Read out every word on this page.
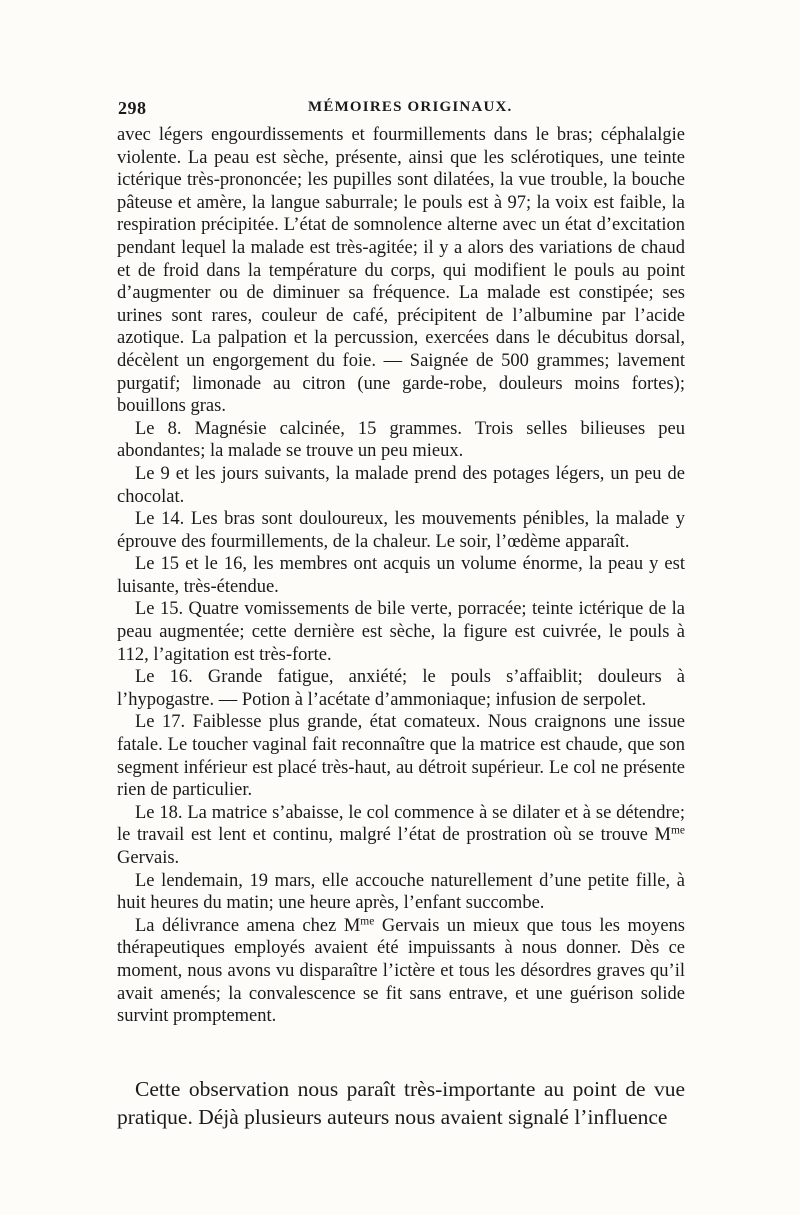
298	MÉMOIRES ORIGINAUX.

avec légers engourdissements et fourmillements dans le bras; céphalalgie violente. La peau est sèche, présente, ainsi que les sclérotiques, une teinte ictérique très-prononcée; les pupilles sont dilatées, la vue trouble, la bouche pâteuse et amère, la langue saburrale; le pouls est à 97; la voix est faible, la respiration précipitée. L’état de somnolence alterne avec un état d’excitation pendant lequel la malade est très-agitée; il y a alors des variations de chaud et de froid dans la température du corps, qui modifient le pouls au point d’augmenter ou de diminuer sa fréquence. La malade est constipée; ses urines sont rares, couleur de café, précipitent de l’albumine par l’acide azotique. La palpation et la percussion, exercées dans le décubitus dorsal, décèlent un engorgement du foie. — Saignée de 500 grammes; lavement purgatif; limonade au citron (une garde-robe, douleurs moins fortes); bouillons gras.

Le 8. Magnésie calcinée, 15 grammes. Trois selles bilieuses peu abondantes; la malade se trouve un peu mieux.

Le 9 et les jours suivants, la malade prend des potages légers, un peu de chocolat.

Le 14. Les bras sont douloureux, les mouvements pénibles, la malade y éprouve des fourmillements, de la chaleur. Le soir, l’œdème apparaît.

Le 15 et le 16, les membres ont acquis un volume énorme, la peau y est luisante, très-étendue.

Le 15. Quatre vomissements de bile verte, porracée; teinte ictérique de la peau augmentée; cette dernière est sèche, la figure est cuivrée, le pouls à 112, l’agitation est très-forte.

Le 16. Grande fatigue, anxiété; le pouls s’affaiblit; douleurs à l’hypogastre. — Potion à l’acétate d’ammoniaque; infusion de serpolet.

Le 17. Faiblesse plus grande, état comateux. Nous craignons une issue fatale. Le toucher vaginal fait reconnaître que la matrice est chaude, que son segment inférieur est placé très-haut, au détroit supérieur. Le col ne présente rien de particulier.

Le 18. La matrice s’abaisse, le col commence à se dilater et à se détendre; le travail est lent et continu, malgré l’état de prostration où se trouve $M^{me}$ Gervais.

Le lendemain, 19 mars, elle accouche naturellement d’une petite fille, à huit heures du matin; une heure après, l’enfant succombe.

La délivrance amena chez $M^{me}$ Gervais un mieux que tous les moyens thérapeutiques employés avaient été impuissants à nous donner. Dès ce moment, nous avons vu disparaître l’ictère et tous les désordres graves qu’il avait amenés; la convalescence se fit sans entrave, et une guérison solide survint promptement.

Cette observation nous paraît très-importante au point de vue pratique. Déjà plusieurs auteurs nous avaient signalé l’influence
